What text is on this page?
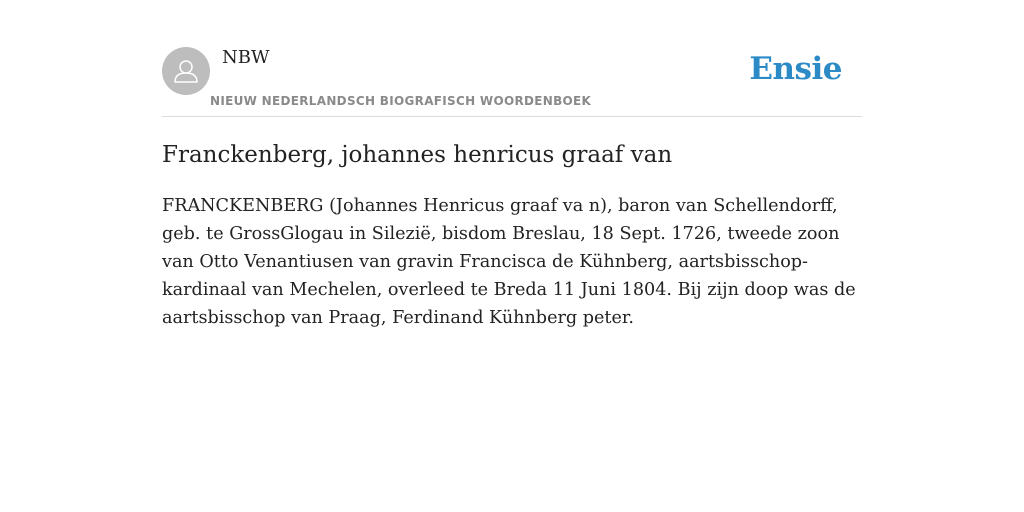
NBW
NIEUW NEDERLANDSCH BIOGRAFISCH WOORDENBOEK
Ensie
Franckenberg, johannes henricus graaf van

FRANCKENBERG (Johannes Henricus graaf va n), baron van Schellendorff, geb. te GrossGlogau in Silezië, bisdom Breslau, 18 Sept. 1726, tweede zoon van Otto Venantiusen van gravin Francisca de Kühnberg, aartsbisschop-kardinaal van Mechelen, overleed te Breda 11 Juni 1804. Bij zijn doop was de aartsbisschop van Praag, Ferdinand Kühnberg peter.
